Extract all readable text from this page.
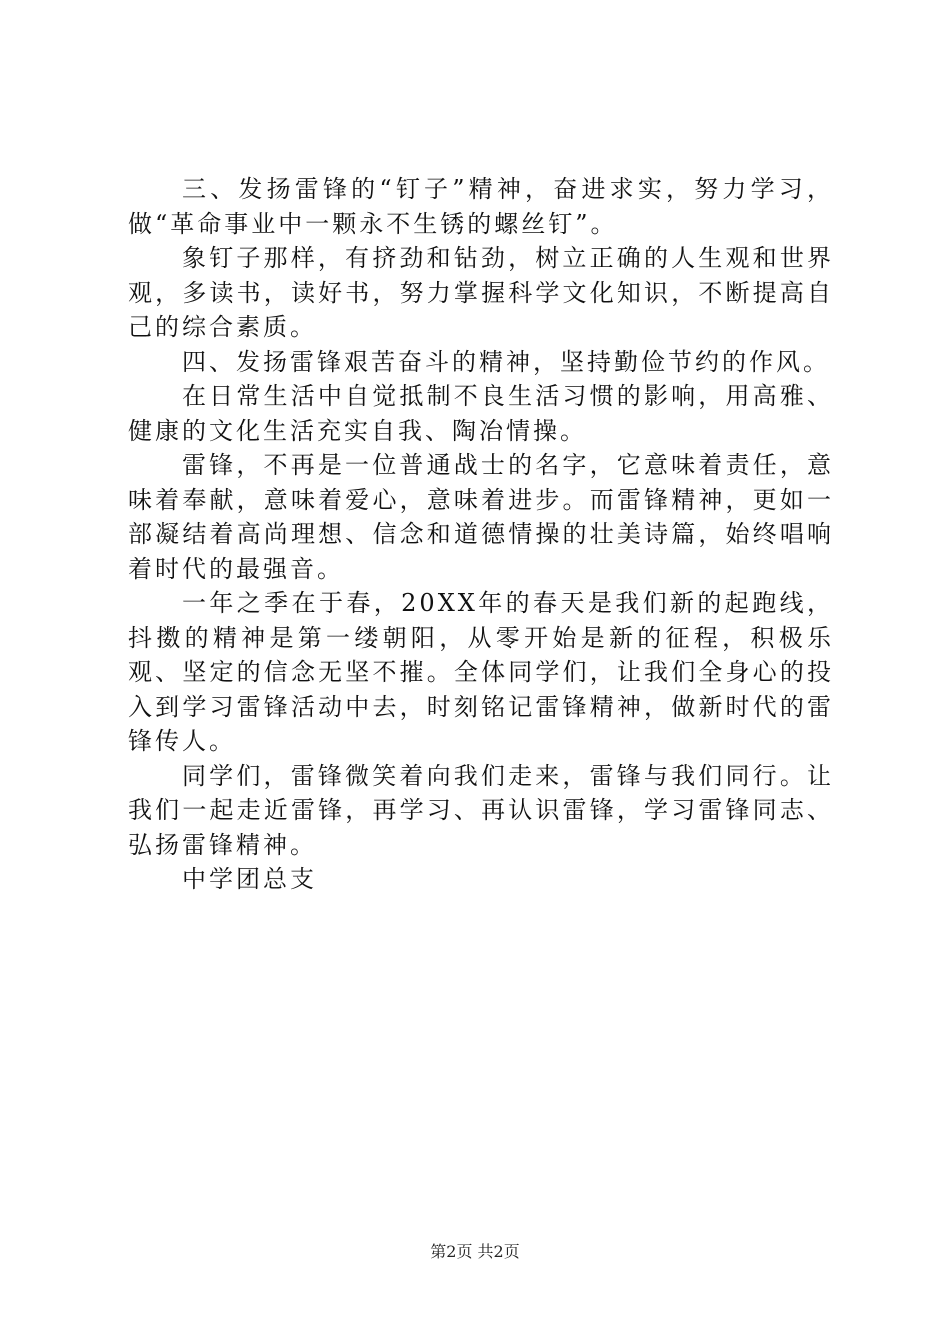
三、发扬雷锋的“钉子”精神，奋进求实，努力学习，做“革命事业中一颗永不生锈的螺丝钉”。

象钉子那样，有挤劲和钻劲，树立正确的人生观和世界观，多读书，读好书，努力掌握科学文化知识，不断提高自己的综合素质。

四、发扬雷锋艰苦奋斗的精神，坚持勤俭节约的作风。

在日常生活中自觉抵制不良生活习惯的影响，用高雅、健康的文化生活充实自我、陶冶情操。

雷锋，不再是一位普通战士的名字，它意味着责任，意味着奉献，意味着爱心，意味着进步。而雷锋精神，更如一部凝结着高尚理想、信念和道德情操的壮美诗篇，始终唱响着时代的最强音。

一年之季在于春，20XX年的春天是我们新的起跑线，抖擞的精神是第一缕朝阳，从零开始是新的征程，积极乐观、坚定的信念无坚不摧。全体同学们，让我们全身心的投入到学习雷锋活动中去，时刻铭记雷锋精神，做新时代的雷锋传人。

同学们，雷锋微笑着向我们走来，雷锋与我们同行。让我们一起走近雷锋，再学习、再认识雷锋，学习雷锋同志、弘扬雷锋精神。

中学团总支

第2页 共2页
